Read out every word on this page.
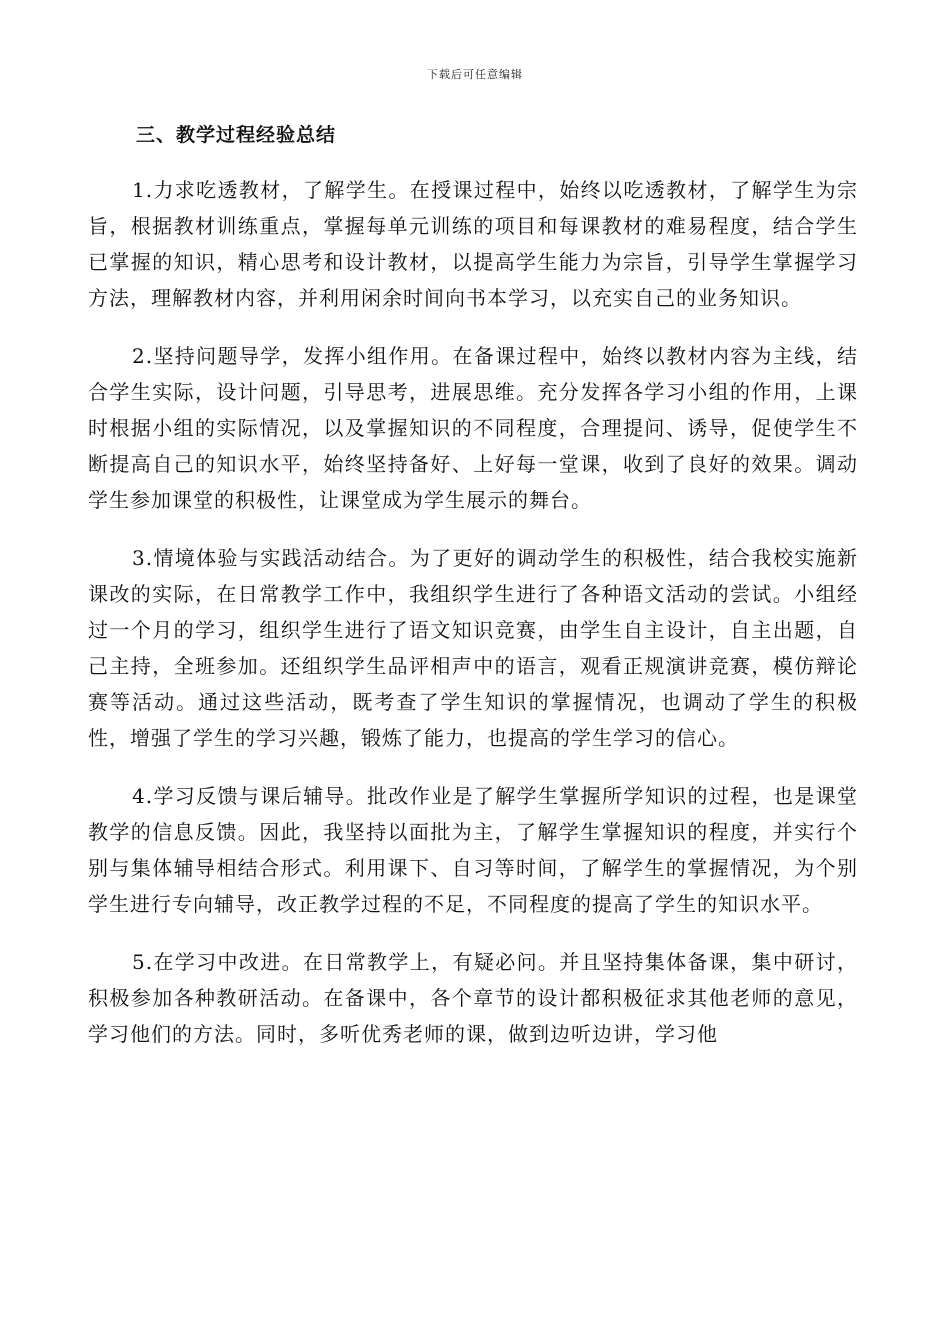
下载后可任意编辑
三、教学过程经验总结

1.力求吃透教材，了解学生。在授课过程中，始终以吃透教材，了解学生为宗旨，根据教材训练重点，掌握每单元训练的项目和每课教材的难易程度，结合学生已掌握的知识，精心思考和设计教材，以提高学生能力为宗旨，引导学生掌握学习方法，理解教材内容，并利用闲余时间向书本学习，以充实自己的业务知识。

2.坚持问题导学，发挥小组作用。在备课过程中，始终以教材内容为主线，结合学生实际，设计问题，引导思考，进展思维。充分发挥各学习小组的作用，上课时根据小组的实际情况，以及掌握知识的不同程度，合理提问、诱导，促使学生不断提高自己的知识水平，始终坚持备好、上好每一堂课，收到了良好的效果。调动学生参加课堂的积极性，让课堂成为学生展示的舞台。

3.情境体验与实践活动结合。为了更好的调动学生的积极性，结合我校实施新课改的实际，在日常教学工作中，我组织学生进行了各种语文活动的尝试。小组经过一个月的学习，组织学生进行了语文知识竞赛，由学生自主设计，自主出题，自己主持，全班参加。还组织学生品评相声中的语言，观看正规演讲竞赛，模仿辩论赛等活动。通过这些活动，既考查了学生知识的掌握情况，也调动了学生的积极性，增强了学生的学习兴趣，锻炼了能力，也提高的学生学习的信心。

4.学习反馈与课后辅导。批改作业是了解学生掌握所学知识的过程，也是课堂教学的信息反馈。因此，我坚持以面批为主，了解学生掌握知识的程度，并实行个别与集体辅导相结合形式。利用课下、自习等时间，了解学生的掌握情况，为个别学生进行专向辅导，改正教学过程的不足，不同程度的提高了学生的知识水平。

5.在学习中改进。在日常教学上，有疑必问。并且坚持集体备课，集中研讨，积极参加各种教研活动。在备课中，各个章节的设计都积极征求其他老师的意见，学习他们的方法。同时，多听优秀老师的课，做到边听边讲，学习他
